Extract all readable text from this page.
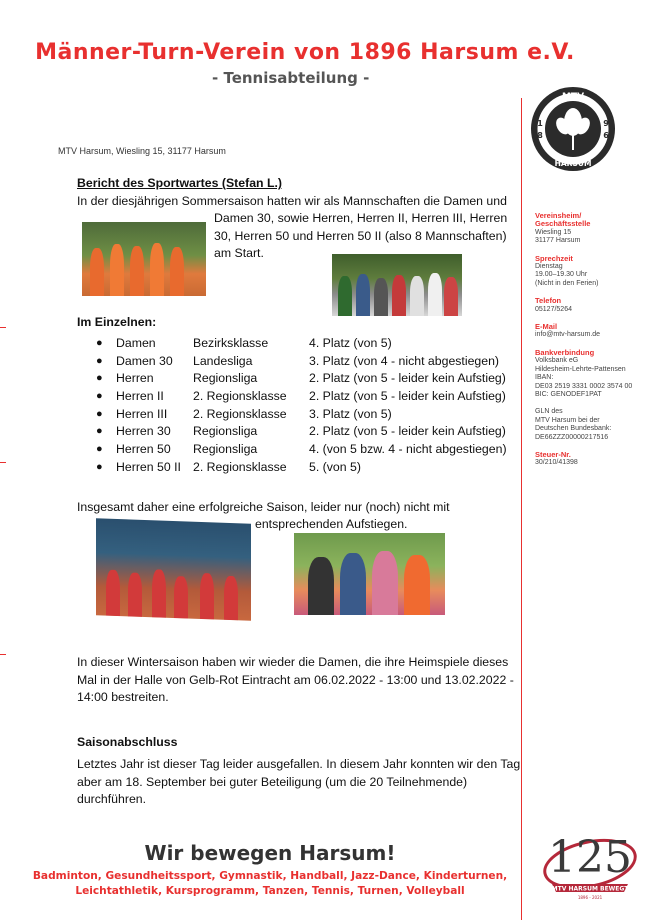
Männer-Turn-Verein von 1896 Harsum e.V.
- Tennisabteilung -
MTV Harsum, Wiesling 15, 31177 Harsum
MTV
HARSUM
1
8
9
6
Vereinsheim/
Geschäftsstelle
Wiesling 15
31177 Harsum
Sprechzeit
Dienstag
19.00–19.30 Uhr
(Nicht in den Ferien)
Telefon
05127/5264
E-Mail
info@mtv-harsum.de
Bankverbindung
Volksbank eG
Hildesheim-Lehrte-Pattensen
IBAN:
DE03 2519 3331 0002 3574 00
BIC: GENODEF1PAT
GLN des
MTV Harsum bei der
Deutschen Bundesbank:
DE66ZZZ00000217516
Steuer-Nr.
30/210/41398
Bericht des Sportwartes (Stefan L.)
In der diesjährigen Sommersaison hatten wir als Mannschaften die Damen und
Damen 30, sowie Herren, Herren II, Herren III, Herren 30, Herren 50 und Herren 50 II (also 8 Mannschaften) am Start.
Im Einzelnen:
● Damen	Bezirksklasse	4. Platz (von 5)
● Damen 30 Landesliga	3. Platz (von 4 - nicht abgestiegen)
● Herren	Regionsliga	2. Platz (von 5 - leider kein Aufstieg)
● Herren II 2. Regionsklasse 2. Platz (von 5 - leider kein Aufstieg)
● Herren III 2. Regionsklasse 3. Platz (von 5)
● Herren 30 Regionsliga	2. Platz (von 5 - leider kein Aufstieg)
● Herren 50 Regionsliga	4. (von 5 bzw. 4 - nicht abgestiegen)
● Herren 50 II 2. Regionsklasse 5. (von 5)
Insgesamt daher eine erfolgreiche Saison, leider nur (noch) nicht mit
entsprechenden Aufstiegen.
In dieser Wintersaison haben wir wieder die Damen, die ihre Heimspiele dieses Mal in der Halle von Gelb-Rot Eintracht am 06.02.2022 - 13:00 und 13.02.2022 - 14:00 bestreiten.
Saisonabschluss
Letztes Jahr ist dieser Tag leider ausgefallen. In diesem Jahr konnten wir den Tag aber am 18. September bei guter Beteiligung (um die 20 Teilnehmende) durchführen.
Wir bewegen Harsum!
Badminton, Gesundheitssport, Gymnastik, Handball, Jazz-Dance, Kinderturnen,
Leichtathletik, Kursprogramm, Tanzen, Tennis, Turnen, Volleyball
125
MTV HARSUM BEWEGT
1896 - 2021
